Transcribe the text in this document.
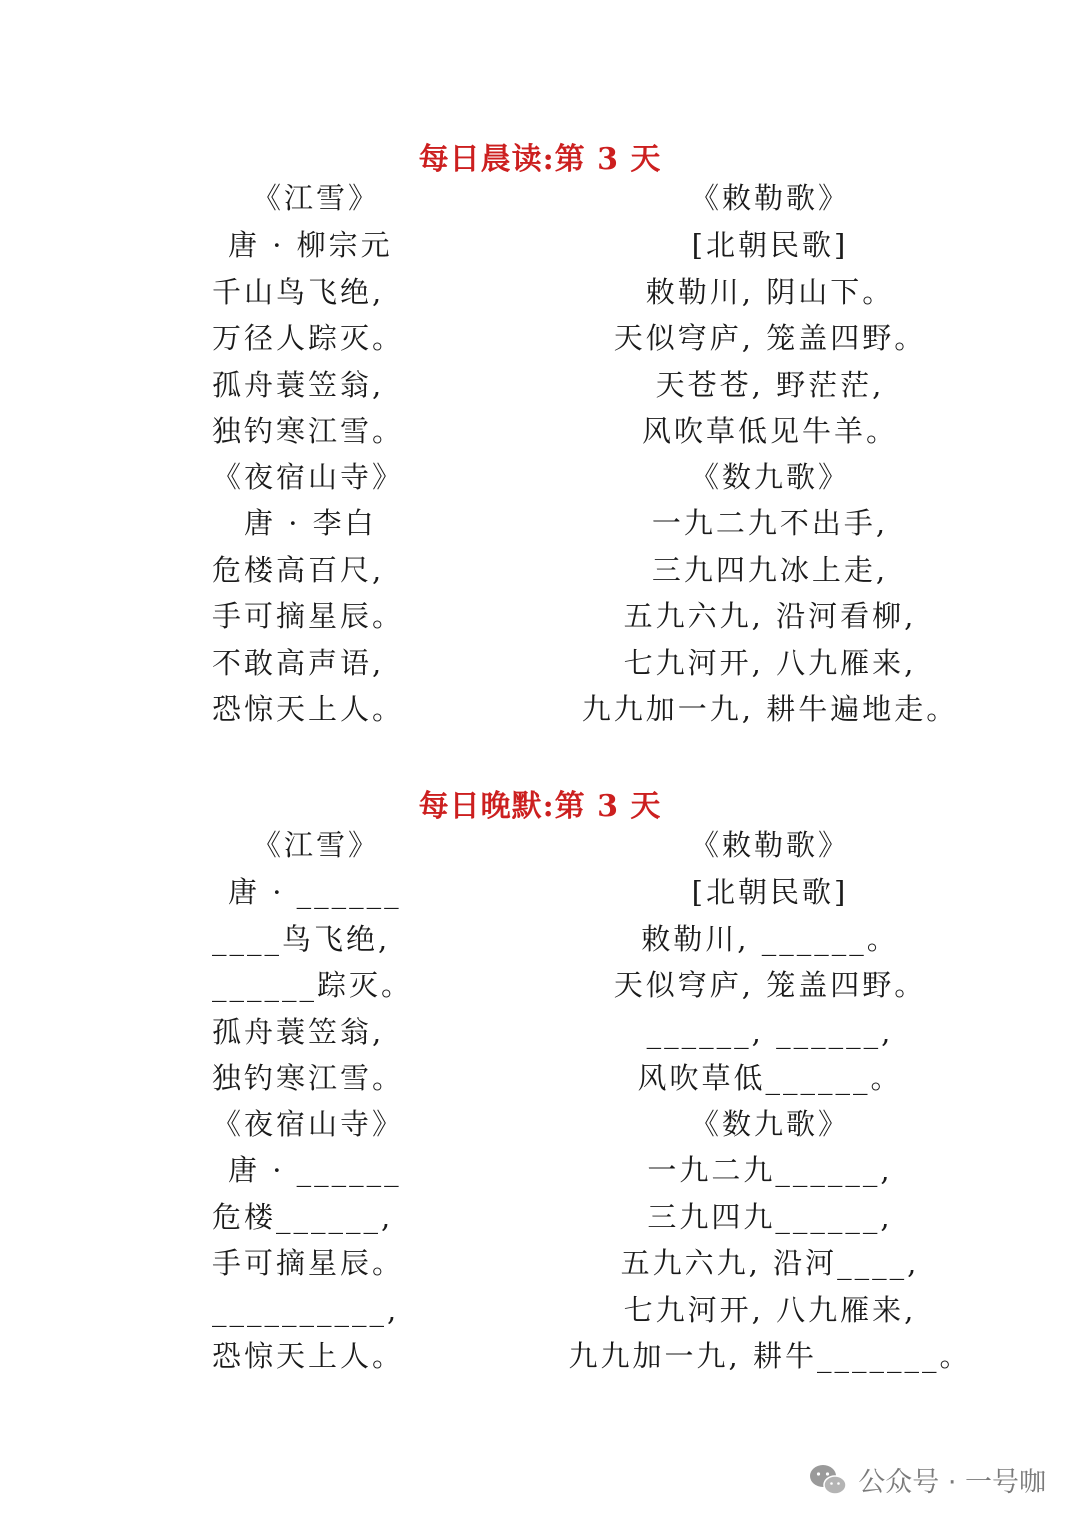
每日晨读:第 3 天
《江雪》
唐 · 柳宗元
千山鸟飞绝,
万径人踪灭。
孤舟蓑笠翁,
独钓寒江雪。
《夜宿山寺》
唐 · 李白
危楼高百尺,
手可摘星辰。
不敢高声语,
恐惊天上人。
《敕勒歌》
[北朝民歌]
敕勒川, 阴山下。
天似穹庐, 笼盖四野。
天苍苍, 野茫茫,
风吹草低见牛羊。
《数九歌》
一九二九不出手,
三九四九冰上走,
五九六九, 沿河看柳,
七九河开, 八九雁来,
九九加一九, 耕牛遍地走。
每日晚默:第 3 天
《江雪》
唐 · ______
____鸟飞绝,
______踪灭。
孤舟蓑笠翁,
独钓寒江雪。
《夜宿山寺》
唐 · ______
危楼______,
手可摘星辰。
__________,
恐惊天上人。
《敕勒歌》
[北朝民歌]
敕勒川, ______。
天似穹庐, 笼盖四野。
______, ______,
风吹草低______。
《数九歌》
一九二九______,
三九四九______,
五九六九, 沿河____,
七九河开, 八九雁来,
九九加一九, 耕牛_______。
公众号 · 一号咖
